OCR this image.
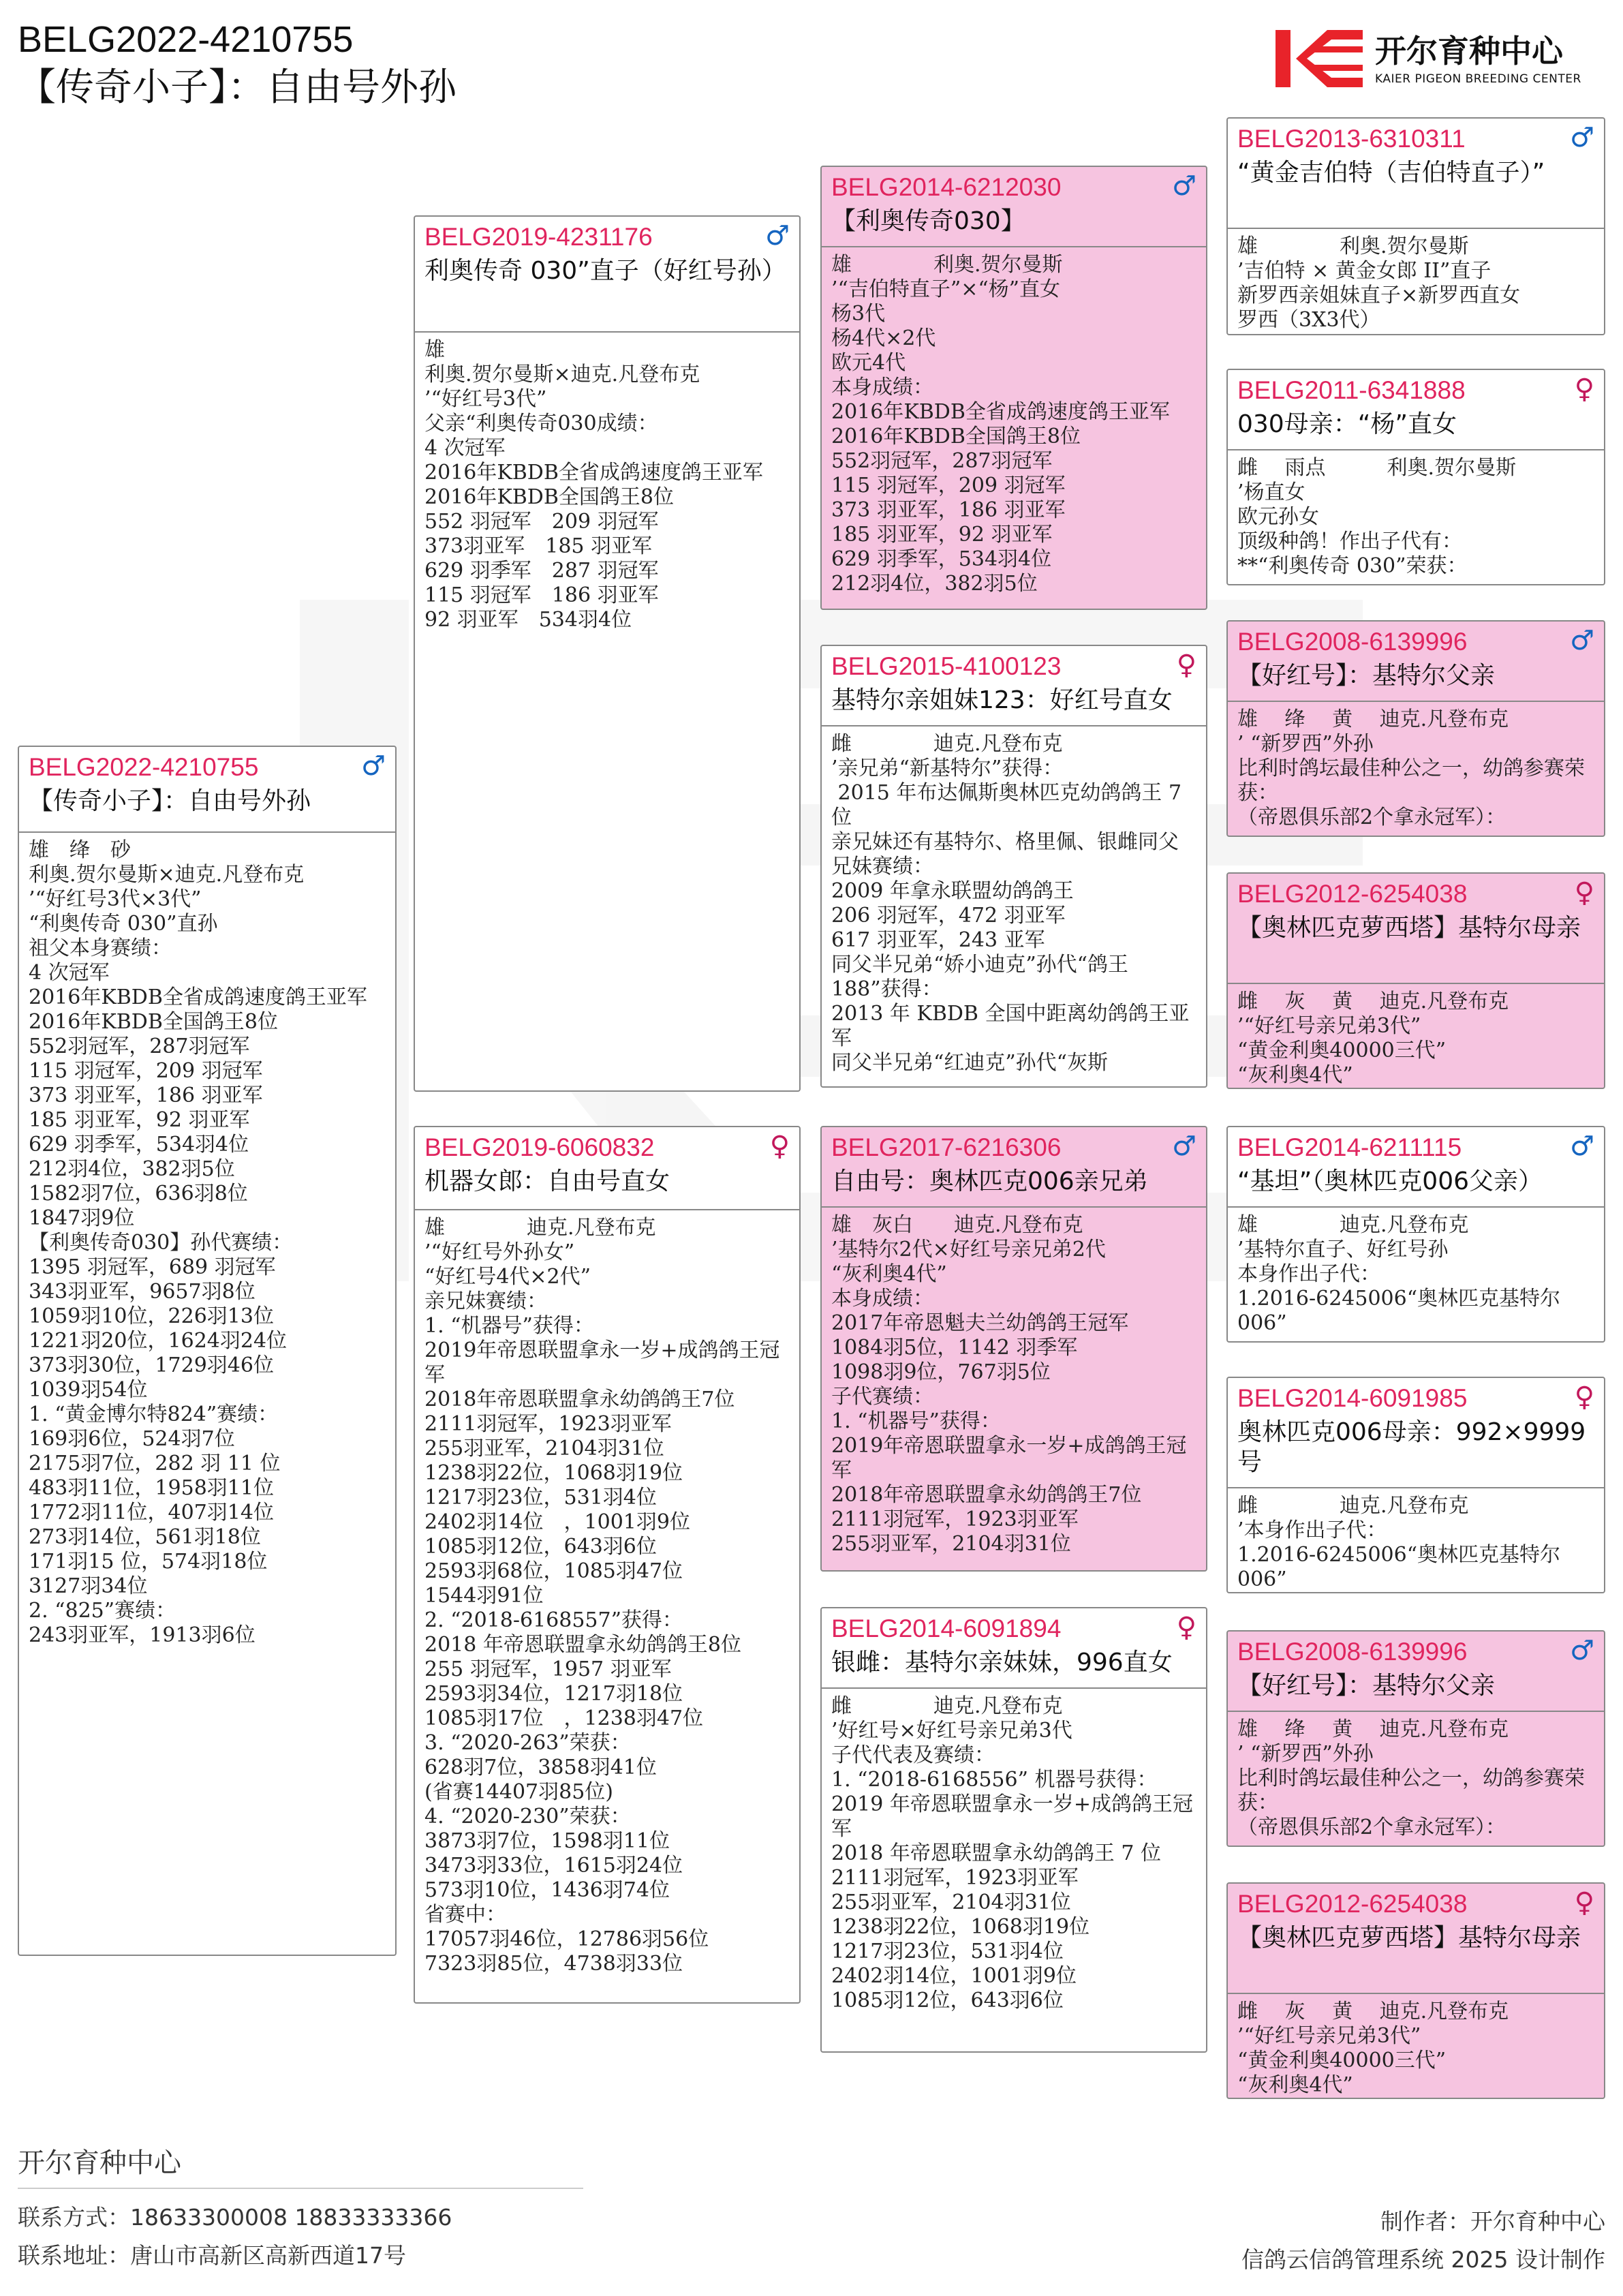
BELG2022-4210755
【传奇小子】：自由号外孙
开尔育种中心
KAIER PIGEON BREEDING CENTER
BELG2022-4210755	♂
【传奇小子】：自由号外孙
雄　绛　砂
利奥.贺尔曼斯×迪克.凡登布克
’“好红号3代×3代”
“利奥传奇 030”直孙
祖父本身赛绩：
4 次冠军
2016年KBDB全省成鸽速度鸽王亚军
2016年KBDB全国鸽王8位
552羽冠军，287羽冠军
115 羽冠军，209 羽冠军
373 羽亚军，186 羽亚军
185 羽亚军，92 羽亚军
629 羽季军，534羽4位
212羽4位，382羽5位
1582羽7位，636羽8位
1847羽9位
【利奥传奇030】孙代赛绩：
1395 羽冠军，689 羽冠军
343羽亚军，9657羽8位
1059羽10位，226羽13位
1221羽20位，1624羽24位
373羽30位，1729羽46位
1039羽54位
1. “黄金博尔特824”赛绩：
169羽6位，524羽7位
2175羽7位，282 羽 11 位
483羽11位，1958羽11位
1772羽11位，407羽14位
273羽14位，561羽18位
171羽15 位，574羽18位
3127羽34位
2. “825”赛绩：
243羽亚军，1913羽6位
BELG2019-4231176	♂
利奥传奇 030”直子（好红号孙）
雄
利奥.贺尔曼斯×迪克.凡登布克
’“好红号3代”
父亲“利奥传奇030成绩：
4 次冠军
2016年KBDB全省成鸽速度鸽王亚军
2016年KBDB全国鸽王8位
552 羽冠军　209 羽冠军
373羽亚军　185 羽亚军
629 羽季军　287 羽冠军
115 羽冠军　186 羽亚军
92 羽亚军　534羽4位
BELG2019-6060832	♀
机器女郎：自由号直女
雄　　　　迪克.凡登布克
’“好红号外孙女”
“好红号4代×2代”
亲兄妹赛绩：
1. “机器号”获得：
2019年帝恩联盟拿永一岁+成鸽鸽王冠军
2018年帝恩联盟拿永幼鸽鸽王7位
2111羽冠军，1923羽亚军
255羽亚军，2104羽31位
1238羽22位，1068羽19位
1217羽23位，531羽4位
2402羽14位　，1001羽9位
1085羽12位，643羽6位
2593羽68位，1085羽47位
1544羽91位
2. “2018-6168557”获得：
2018 年帝恩联盟拿永幼鸽鸽王8位
255 羽冠军，1957 羽亚军
2593羽34位，1217羽18位
1085羽17位　，1238羽47位
3. “2020-263”荣获：
628羽7位，3858羽41位
(省赛14407羽85位)
4. “2020-230”荣获：
3873羽7位，1598羽11位
3473羽33位，1615羽24位
573羽10位，1436羽74位
省赛中：
17057羽46位，12786羽56位
7323羽85位，4738羽33位
BELG2014-6212030	♂
【利奥传奇030】
雄　　　　利奥.贺尔曼斯
’“吉伯特直子”×“杨”直女
杨3代
杨4代×2代
欧元4代
本身成绩：
2016年KBDB全省成鸽速度鸽王亚军
2016年KBDB全国鸽王8位
552羽冠军，287羽冠军
115 羽冠军，209 羽冠军
373 羽亚军，186 羽亚军
185 羽亚军，92 羽亚军
629 羽季军，534羽4位
212羽4位，382羽5位
BELG2015-4100123	♀
基特尔亲姐妹123：好红号直女
雌　　　　迪克.凡登布克
’亲兄弟“新基特尔”获得：
2015 年布达佩斯奥林匹克幼鸽鸽王 7 位
亲兄妹还有基特尔、格里佩、银雌同父兄妹赛绩：
2009 年拿永联盟幼鸽鸽王
206 羽冠军，472 羽亚军
617 羽亚军，243 亚军
同父半兄弟“娇小迪克”孙代“鸽王 188”获得：
2013 年 KBDB 全国中距离幼鸽鸽王亚军
同父半兄弟“红迪克”孙代“灰斯
BELG2017-6216306	♂
自由号：奥林匹克006亲兄弟
雄　灰白　　迪克.凡登布克
’基特尔2代×好红号亲兄弟2代
“灰利奥4代”
本身成绩：
2017年帝恩魁夫兰幼鸽鸽王冠军
1084羽5位，1142 羽季军
1098羽9位，767羽5位
子代赛绩：
1. “机器号”获得：
2019年帝恩联盟拿永一岁+成鸽鸽王冠军
2018年帝恩联盟拿永幼鸽鸽王7位
2111羽冠军，1923羽亚军
255羽亚军，2104羽31位
BELG2014-6091894	♀
银雌：基特尔亲妹妹，996直女
雌　　　　迪克.凡登布克
’好红号×好红号亲兄弟3代
子代代表及赛绩：
1. “2018-6168556” 机器号获得：
2019 年帝恩联盟拿永一岁+成鸽鸽王冠军
2018 年帝恩联盟拿永幼鸽鸽王 7 位
2111羽冠军，1923羽亚军
255羽亚军，2104羽31位
1238羽22位，1068羽19位
1217羽23位，531羽4位
2402羽14位，1001羽9位
1085羽12位，643羽6位
BELG2013-6310311	♂
“黄金吉伯特（吉伯特直子）”
雄　　　　利奥.贺尔曼斯
’吉伯特 × 黄金女郎 II”直子
新罗西亲姐妹直子×新罗西直女
罗西（3X3代）
BELG2011-6341888	♀
030母亲：“杨”直女
雌　 雨点　　　利奥.贺尔曼斯
’杨直女
欧元孙女
顶级种鸽！作出子代有：
**“利奥传奇 030”荣获：
BELG2008-6139996	♂
【好红号】：基特尔父亲
雄　 绛　 黄　 迪克.凡登布克
’ “新罗西”外孙
比利时鸽坛最佳种公之一，幼鸽参赛荣获：
（帝恩俱乐部2个拿永冠军）：
BELG2012-6254038	♀
【奥林匹克萝西塔】基特尔母亲
雌　 灰　 黄　 迪克.凡登布克
’“好红号亲兄弟3代”
“黄金利奥40000三代”
“灰利奥4代”
BELG2014-6211115	♂
“基坦”（奥林匹克006父亲）
雄　　　　迪克.凡登布克
’基特尔直子、好红号孙
本身作出子代：
1.2016-6245006“奥林匹克基特尔 006”
BELG2014-6091985	♀
奥林匹克006母亲：992×9999号
雌　　　　迪克.凡登布克
’本身作出子代：
1.2016-6245006“奥林匹克基特尔 006”
BELG2008-6139996	♂
【好红号】：基特尔父亲
雄　 绛　 黄　 迪克.凡登布克
’ “新罗西”外孙
比利时鸽坛最佳种公之一，幼鸽参赛荣获：
（帝恩俱乐部2个拿永冠军）：
BELG2012-6254038	♀
【奥林匹克萝西塔】基特尔母亲
雌　 灰　 黄　 迪克.凡登布克
’“好红号亲兄弟3代”
“黄金利奥40000三代”
“灰利奥4代”
开尔育种中心
联系方式：18633300008 18833333366
联系地址：唐山市高新区高新西道17号
制作者：开尔育种中心
信鸽云信鸽管理系统 2025 设计制作
